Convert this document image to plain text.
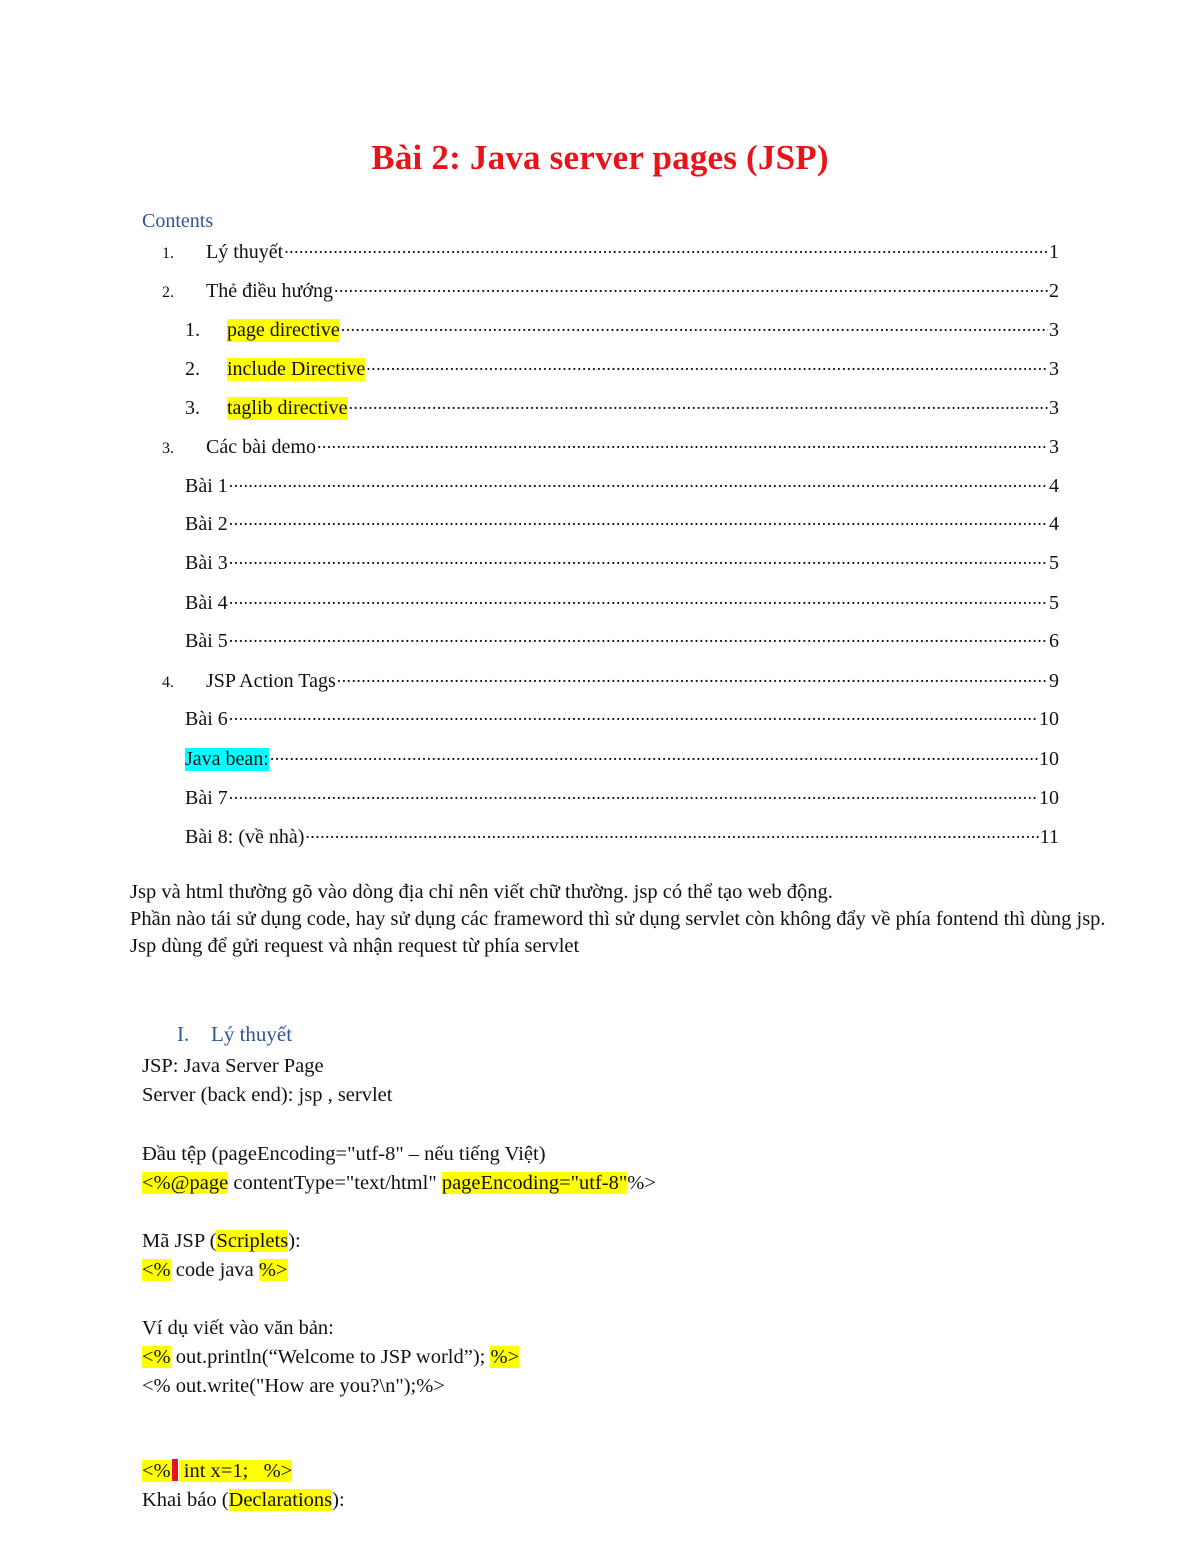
Bài 2: Java server pages (JSP)

Contents

1.	Lý thuyết .....	1
2.	Thẻ điều hướng .....	2
1.	page directive .....	3
2.	include Directive .....	3
3.	taglib directive .....	3
3.	Các bài demo .....	3
Bài 1 .....	4
Bài 2 .....	4
Bài 3 .....	5
Bài 4 .....	5
Bài 5 .....	6
4.	JSP Action Tags .....	9
Bài 6 .....	10
Java bean: .....	10
Bài 7 .....	10
Bài 8: (về nhà) .....	11
Jsp và html thường gõ vào dòng địa chỉ nên viết chữ thường. jsp có thể tạo web động.
Phần nào tái sử dụng code, hay sử dụng các frameword thì sử dụng servlet còn không đẩy về phía fontend thì dùng jsp.
Jsp dùng để gửi request và nhận request từ phía servlet

I. Lý thuyết

JSP: Java Server Page

Server (back end): jsp , servlet

Đầu tệp (pageEncoding="utf-8" – nếu tiếng Việt)

<%@page contentType="text/html" pageEncoding="utf-8"%>

Mã JSP (Scriplets):

<% code java %>

Ví dụ viết vào văn bản:

<% out.println(“Welcome to JSP world”); %>

<% out.write("How are you?\n");%>

<% int x=1;   %>

Khai báo (Declarations):
